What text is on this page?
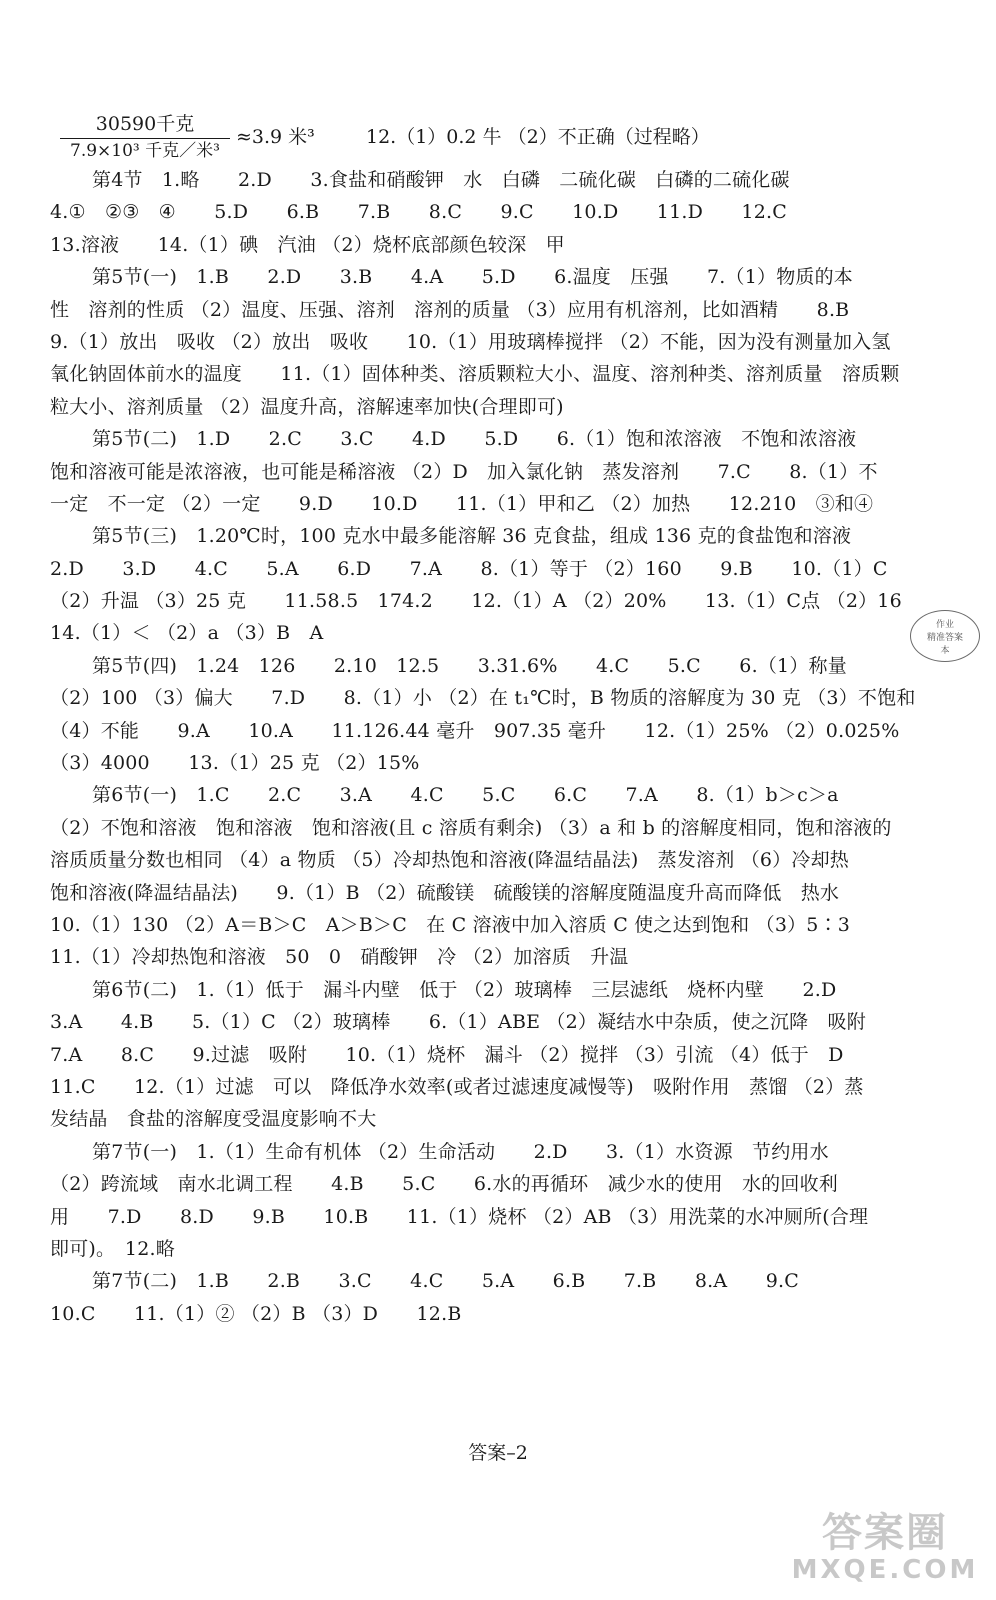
30590千克
7.9×10³ 千克／米³
≈3.9 米³	12.（1）0.2 牛 （2）不正确（过程略）
第4节　1.略　　2.D　　3.食盐和硝酸钾　水　白磷　二硫化碳　白磷的二硫化碳
4.①　②③　④　　5.D　　6.B　　7.B　　8.C　　9.C　　10.D　　11.D　　12.C
13.溶液　　14.（1）碘　汽油 （2）烧杯底部颜色较深　甲
第5节(一)　1.B　　2.D　　3.B　　4.A　　5.D　　6.温度　压强　　7.（1）物质的本
性　溶剂的性质 （2）温度、压强、溶剂　溶剂的质量 （3）应用有机溶剂，比如酒精　　8.B
9.（1）放出　吸收 （2）放出　吸收　　10.（1）用玻璃棒搅拌 （2）不能，因为没有测量加入氢
氧化钠固体前水的温度　　11.（1）固体种类、溶质颗粒大小、温度、溶剂种类、溶剂质量　溶质颗
粒大小、溶剂质量 （2）温度升高，溶解速率加快(合理即可)
第5节(二)　1.D　　2.C　　3.C　　4.D　　5.D　　6.（1）饱和浓溶液　不饱和浓溶液
饱和溶液可能是浓溶液，也可能是稀溶液 （2）D　加入氯化钠　蒸发溶剂　　7.C　　8.（1）不
一定　不一定 （2）一定　　9.D　　10.D　　11.（1）甲和乙 （2）加热　　12.210　③和④
第5节(三)　1.20℃时，100 克水中最多能溶解 36 克食盐，组成 136 克的食盐饱和溶液
2.D　　3.D　　4.C　　5.A　　6.D　　7.A　　8.（1）等于 （2）160　　9.B　　10.（1）C
（2）升温 （3）25 克　　11.58.5　174.2　　12.（1）A （2）20%　　13.（1）C点 （2）16
14.（1）＜ （2）a （3）B　A
第5节(四)　1.24　126　　2.10　12.5　　3.31.6%　　4.C　　5.C　　6.（1）称量
（2）100 （3）偏大　　7.D　　8.（1）小 （2）在 t₁℃时，B 物质的溶解度为 30 克 （3）不饱和
（4）不能　　9.A　　10.A　　11.126.44 毫升　907.35 毫升　　12.（1）25% （2）0.025%
（3）4000　　13.（1）25 克 （2）15%
第6节(一)　1.C　　2.C　　3.A　　4.C　　5.C　　6.C　　7.A　　8.（1）b＞c＞a
（2）不饱和溶液　饱和溶液　饱和溶液(且 c 溶质有剩余) （3）a 和 b 的溶解度相同，饱和溶液的
溶质质量分数也相同 （4）a 物质 （5）冷却热饱和溶液(降温结晶法)　蒸发溶剂 （6）冷却热
饱和溶液(降温结晶法)　　9.（1）B （2）硫酸镁　硫酸镁的溶解度随温度升高而降低　热水
10.（1）130 （2）A＝B＞C　A＞B＞C　在 C 溶液中加入溶质 C 使之达到饱和 （3）5∶3
11.（1）冷却热饱和溶液　50　0　硝酸钾　冷 （2）加溶质　升温
第6节(二)　1.（1）低于　漏斗内壁　低于 （2）玻璃棒　三层滤纸　烧杯内壁　　2.D
3.A　　4.B　　5.（1）C （2）玻璃棒　　6.（1）ABE （2）凝结水中杂质，使之沉降　吸附
7.A　　8.C　　9.过滤　吸附　　10.（1）烧杯　漏斗 （2）搅拌 （3）引流 （4）低于　D
11.C　　12.（1）过滤　可以　降低净水效率(或者过滤速度减慢等)　吸附作用　蒸馏 （2）蒸
发结晶　食盐的溶解度受温度影响不大
第7节(一)　1.（1）生命有机体 （2）生命活动　　2.D　　3.（1）水资源　节约用水
（2）跨流域　南水北调工程　　4.B　　5.C　　6.水的再循环　减少水的使用　水的回收利
用　　7.D　　8.D　　9.B　　10.B　　11.（1）烧杯 （2）AB （3）用洗菜的水冲厕所(合理
即可)。　12.略
第7节(二)　1.B　　2.B　　3.C　　4.C　　5.A　　6.B　　7.B　　8.A　　9.C
10.C　　11.（1）② （2）B （3）D　　12.B
作业
精准答案
本
答案–2
答案圈
MXQE.COM
